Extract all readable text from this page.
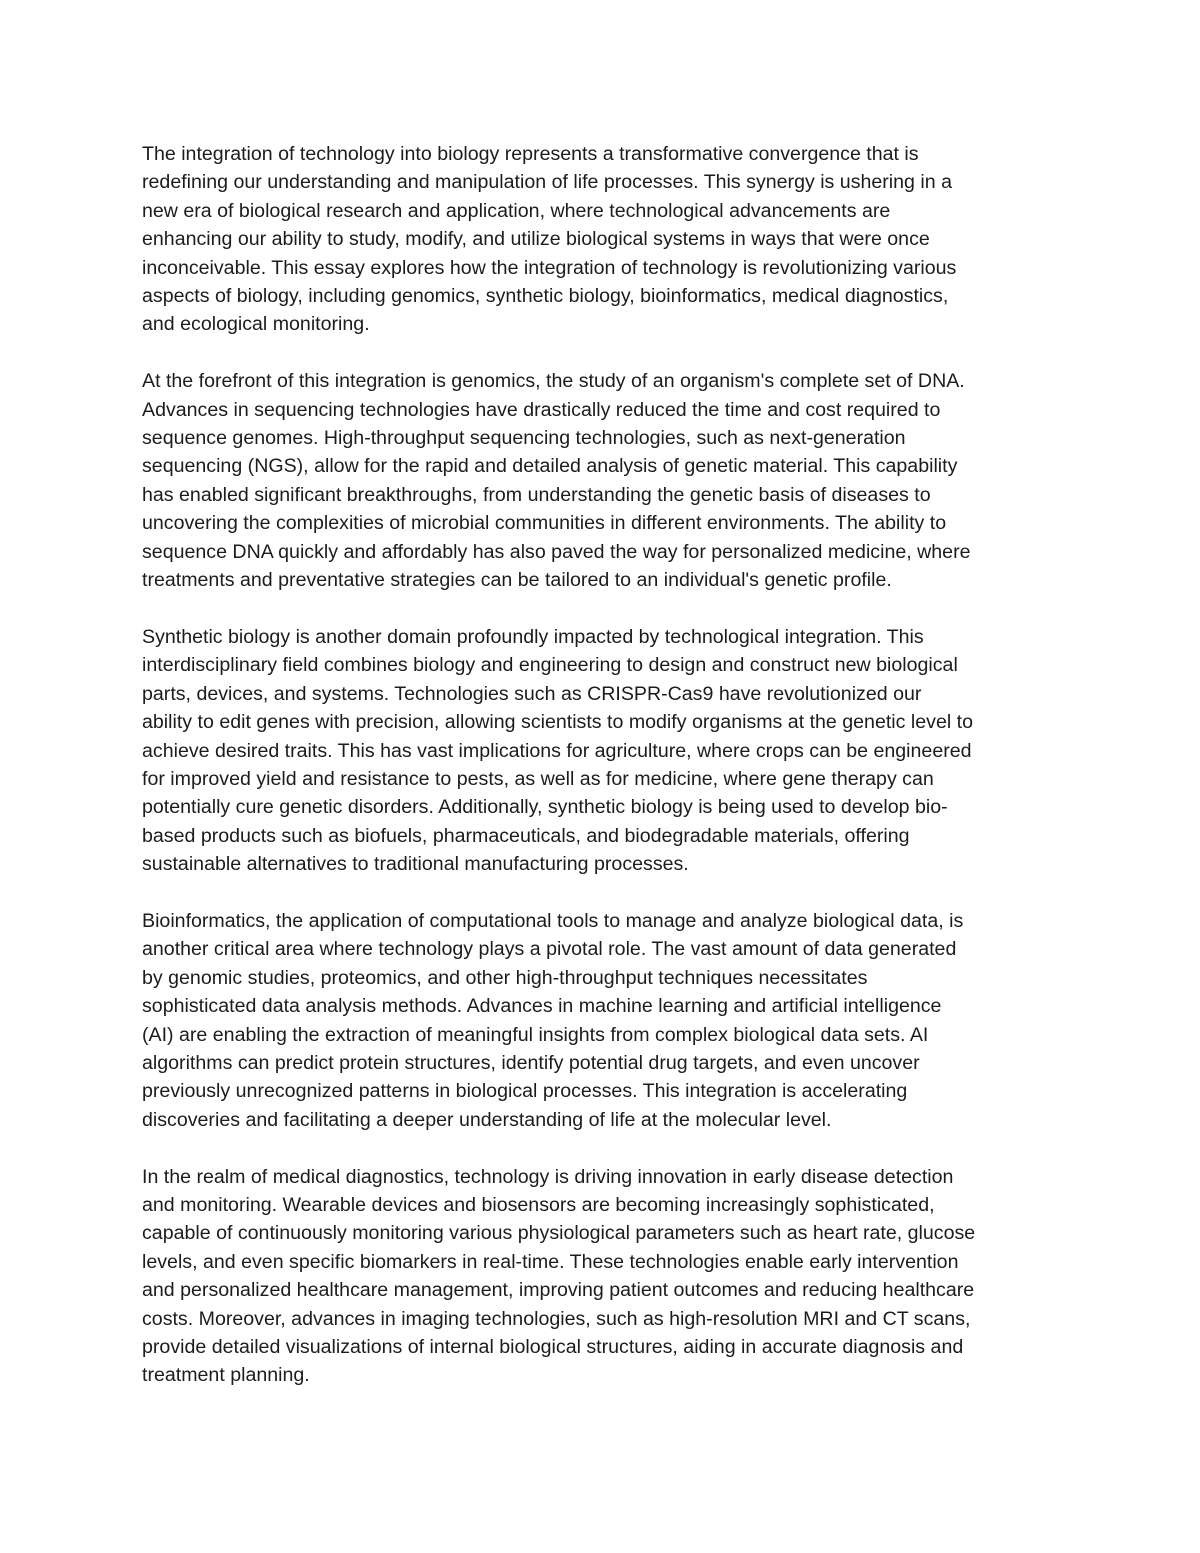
The integration of technology into biology represents a transformative convergence that is
redefining our understanding and manipulation of life processes. This synergy is ushering in a
new era of biological research and application, where technological advancements are
enhancing our ability to study, modify, and utilize biological systems in ways that were once
inconceivable. This essay explores how the integration of technology is revolutionizing various
aspects of biology, including genomics, synthetic biology, bioinformatics, medical diagnostics,
and ecological monitoring.

At the forefront of this integration is genomics, the study of an organism's complete set of DNA.
Advances in sequencing technologies have drastically reduced the time and cost required to
sequence genomes. High-throughput sequencing technologies, such as next-generation
sequencing (NGS), allow for the rapid and detailed analysis of genetic material. This capability
has enabled significant breakthroughs, from understanding the genetic basis of diseases to
uncovering the complexities of microbial communities in different environments. The ability to
sequence DNA quickly and affordably has also paved the way for personalized medicine, where
treatments and preventative strategies can be tailored to an individual's genetic profile.

Synthetic biology is another domain profoundly impacted by technological integration. This
interdisciplinary field combines biology and engineering to design and construct new biological
parts, devices, and systems. Technologies such as CRISPR-Cas9 have revolutionized our
ability to edit genes with precision, allowing scientists to modify organisms at the genetic level to
achieve desired traits. This has vast implications for agriculture, where crops can be engineered
for improved yield and resistance to pests, as well as for medicine, where gene therapy can
potentially cure genetic disorders. Additionally, synthetic biology is being used to develop bio-
based products such as biofuels, pharmaceuticals, and biodegradable materials, offering
sustainable alternatives to traditional manufacturing processes.

Bioinformatics, the application of computational tools to manage and analyze biological data, is
another critical area where technology plays a pivotal role. The vast amount of data generated
by genomic studies, proteomics, and other high-throughput techniques necessitates
sophisticated data analysis methods. Advances in machine learning and artificial intelligence
(AI) are enabling the extraction of meaningful insights from complex biological data sets. AI
algorithms can predict protein structures, identify potential drug targets, and even uncover
previously unrecognized patterns in biological processes. This integration is accelerating
discoveries and facilitating a deeper understanding of life at the molecular level.

In the realm of medical diagnostics, technology is driving innovation in early disease detection
and monitoring. Wearable devices and biosensors are becoming increasingly sophisticated,
capable of continuously monitoring various physiological parameters such as heart rate, glucose
levels, and even specific biomarkers in real-time. These technologies enable early intervention
and personalized healthcare management, improving patient outcomes and reducing healthcare
costs. Moreover, advances in imaging technologies, such as high-resolution MRI and CT scans,
provide detailed visualizations of internal biological structures, aiding in accurate diagnosis and
treatment planning.
